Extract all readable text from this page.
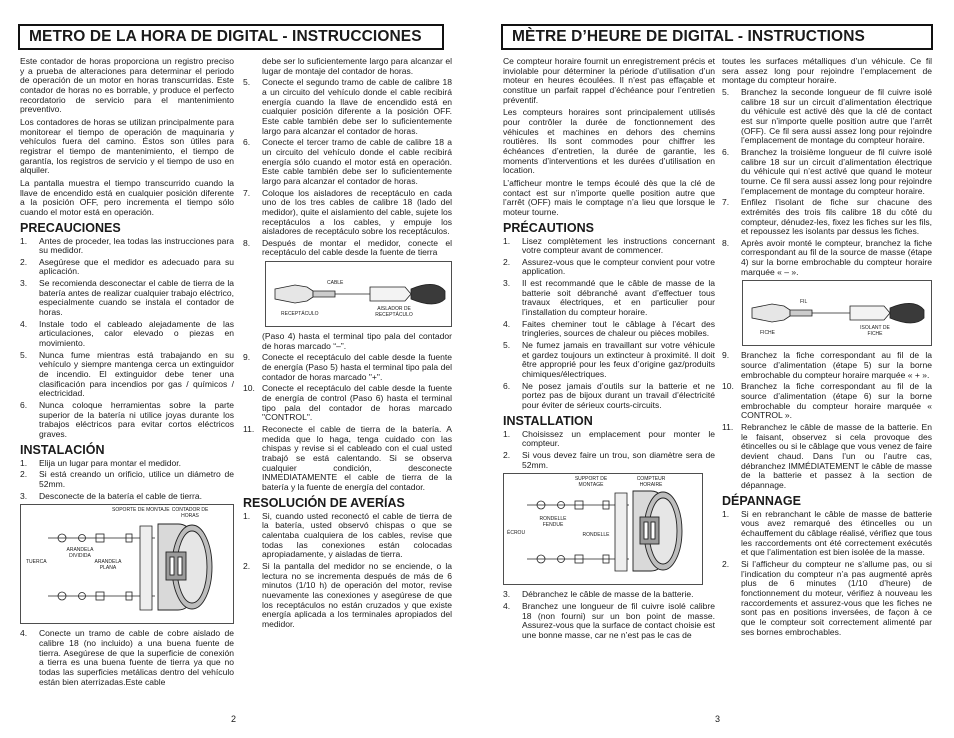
METRO DE LA HORA DE DIGITAL - INSTRUCCIONES

Este contador de horas proporciona un registro preciso y a prueba de alteraciones para determinar el periodo de operación de un motor en horas transcurridas. Este contador de horas no es borrable, y produce el perfecto recordatorio de servicio para el mantenimiento preventivo.

Los contadores de horas se utilizan principalmente para monitorear el tiempo de operación de maquinaria y vehículos fuera del camino. Éstos son útiles para registrar el tiempo de mantenimiento, el tiempo de garantía, los registros de servicio y el tiempo de uso en alquiler.

La pantalla muestra el tiempo transcurrido cuando la llave de encendido está en cualquier posición diferente a la posición OFF, pero incrementa el tiempo sólo cuando el motor está en operación.

PRECAUCIONES
1. Antes de proceder, lea todas las instrucciones para su medidor.
2. Asegúrese que el medidor es adecuado para su aplicación.
3. Se recomienda desconectar el cable de tierra de la batería antes de realizar cualquier trabajo eléctrico, especialmente cuando se instala el contador de horas.
4. Instale todo el cableado alejadamente de las articulaciones, calor elevado o piezas en movimiento.
5. Nunca fume mientras está trabajando en su vehículo y siempre mantenga cerca un extinguidor de incendio. El extinguidor debe tener una clasificación para incendios por gas / químicos / electricidad.
6. Nunca coloque herramientas sobre la parte superior de la batería ni utilice joyas durante los trabajos eléctricos para evitar cortos eléctricos graves.
INSTALACIÓN
1. Elija un lugar para montar el medidor.
2. Si está creando un orificio, utilice un diámetro de 52mm.
3. Desconecte de la batería el cable de tierra.
SOPORTE DE MONTAJE CONTADOR DE HORAS
ARANDELA DIVIDIDA
TUERCA	ARANDELA PLANA
4. Conecte un tramo de cable de cobre aislado de calibre 18 (no incluido) a una buena fuente de tierra. Asegúrese de que la superficie de conexión a tierra es una buena fuente de tierra ya que no todas las superficies metálicas dentro del vehículo están bien aterrizadas.Este cable
debe ser lo suficientemente largo para alcanzar el lugar de montaje del contador de horas.
5. Conecte el segundo tramo de cable de calibre 18 a un circuito del vehículo donde el cable recibirá energía cuando la llave de encendido está en cualquier posición diferente a la posición OFF. Este cable también debe ser lo suficientemente largo para alcanzar el contador de horas.
6. Conecte el tercer tramo de cable de calibre 18 a un circuito del vehículo donde el cable recibirá energía sólo cuando el motor está en operación. Este cable también debe ser lo suficientemente largo para alcanzar el contador de horas.
7. Coloque los aisladores de receptáculo en cada uno de los tres cables de calibre 18 (lado del medidor), quite el aislamiento del cable, sujete los receptáculos a los cables, y empuje los aisladores de receptáculo sobre los receptáculos.
8. Después de montar el medidor, conecte el receptáculo del cable desde la fuente de tierra
CABLE
RECEPTÁCULO
AISLADOR DE RECEPTÁCULO
(Paso 4) hasta el terminal tipo pala del contador de horas marcado “–”.
9. Conecte el receptáculo del cable desde la fuente de energía (Paso 5) hasta el terminal tipo pala del contador de horas marcado "+".
10. Conecte el receptáculo del cable desde la fuente de energía de control (Paso 6) hasta el terminal tipo pala del contador de horas marcado "CONTROL".
11. Reconecte el cable de tierra de la batería. A medida que lo haga, tenga cuidado con las chispas y revise si el cableado con el cual usted trabajó se está calentando. Si se observa cualquier condición, desconecte INMEDIATAMENTE el cable de tierra de la batería y la fuente de energía del contador.
RESOLUCIÓN DE AVERÍAS
1. Si, cuando usted reconectó el cable de tierra de la batería, usted observó chispas o que se calentaba cualquiera de los cables, revise que todas las conexiones están colocadas apropiadamente, y aisladas de tierra.
2. Si la pantalla del medidor no se enciende, o la lectura no se incrementa después de más de 6 minutos (1/10 h) de operación del motor, revise nuevamente las conexiones y asegúrese de que los receptáculos no están cruzados y que existe energía aplicada a los terminales apropiados del medidor.
2
MÈTRE D’HEURE DE DIGITAL - INSTRUCTIONS

Ce compteur horaire fournit un enregistrement précis et inviolable pour déterminer la période d’utilisation d’un moteur en heures écoulées. Il n’est pas effaçable et constitue un parfait rappel d’échéance pour l’entretien préventif.

Les compteurs horaires sont principalement utilisés pour contrôler la durée de fonctionnement des véhicules et machines en dehors des chemins routières. Ils sont commodes pour chiffrer les échéances d’entretien, la durée de garantie, les moments d’interventions et les durées d’utilisation en location.

L’afficheur montre le temps écoulé dès que la clé de contact est sur n’importe quelle position autre que l’arrêt (OFF) mais le comptage n’a lieu que lorsque le moteur tourne.

PRÉCAUTIONS
1. Lisez complètement les instructions concernant votre compteur avant de commencer.
2. Assurez-vous que le compteur convient pour votre application.
3. Il est recommandé que le câble de masse de la batterie soit débranché avant d’effectuer tous travaux électriques, et en particulier pour l’installation du compteur horaire.
4. Faites cheminer tout le câblage à l’écart des tringleries, sources de chaleur ou pièces mobiles.
5. Ne fumez jamais en travaillant sur votre véhicule et gardez toujours un extincteur à proximité. Il doit être approprié pour les feux d’origine gaz/produits chimiques/électriques.
6. Ne posez jamais d’outils sur la batterie et ne portez pas de bijoux durant un travail d’électricité pour éviter de sérieux courts-circuits.
INSTALLATION
1. Choisissez un emplacement pour monter le compteur.
2. Si vous devez faire un trou, son diamètre sera de 52mm.
SUPPORT DE MONTAGE
COMPTEUR HORAIRE
RONDELLE FENDUE
ÉCROU	RONDELLE
3. Débranchez le câble de masse de la batterie.
4. Branchez une longueur de fil cuivre isolé calibre 18 (non fourni) sur un bon point de masse. Assurez-vous que la surface de contact choisie est une bonne masse, car ne n’est pas le cas de
toutes les surfaces métalliques d’un véhicule. Ce fil sera assez long pour rejoindre l’emplacement de montage du compteur horaire.
5. Branchez la seconde longueur de fil cuivre isolé calibre 18 sur un circuit d’alimentation électrique du véhicule est activé dès que la clé de contact est sur n’importe quelle position autre que l’arrêt (OFF). Ce fil sera aussi assez long pour rejoindre l’emplacement de montage du compteur horaire.
6. Branchez la troisième longueur de fil cuivre isolé calibre 18 sur un circuit d’alimentation électrique du véhicule qui n’est activé que quand le moteur tourne. Ce fil sera aussi assez long pour rejoindre l’emplacement de montage du compteur horaire.
7. Enfilez l’isolant de fiche sur chacune des extrémités des trois fils calibre 18 du côté du compteur, dénudez-les, fixez les fiches sur les fils, et repoussez les isolants par dessus les fiches.
8. Après avoir monté le compteur, branchez la fiche correspondant au fil de la source de masse (étape 4) sur la borne embrochable du compteur horaire marquée « – ».
FIL
FICHE
ISOLANT DE FICHE
9. Branchez la fiche correspondant au fil de la source d’alimentation (étape 5) sur la borne embrochable du compteur horaire marquée « + ».
10. Branchez la fiche correspondant au fil de la source d’alimentation (étape 6) sur la borne embrochable du compteur horaire marquée « CONTROL ».
11. Rebranchez le câble de masse de la batterie. En le faisant, observez si cela provoque des étincelles ou si le câblage que vous venez de faire devient chaud. Dans l’un ou l’autre cas, débranchez IMMÉDIATEMENT le câble de masse de la batterie et passez à la section de dépannage.
DÉPANNAGE
1. Si en rebranchant le câble de masse de batterie vous avez remarqué des étincelles ou un échauffement du câblage réalisé, vérifiez que tous les raccordements ont été correctement exécutés et que l’alimentation est bien isolée de la masse.
2. Si l’afficheur du compteur ne s’allume pas, ou si l’indication du compteur n’a pas augmenté après plus de 6 minutes (1/10 d’heure) de fonctionnement du moteur, vérifiez à nouveau les raccordements et assurez-vous que les fiches ne sont pas en positions inversées, de façon à ce que le compteur soit correctement alimenté par ses bornes embrochables.
3
